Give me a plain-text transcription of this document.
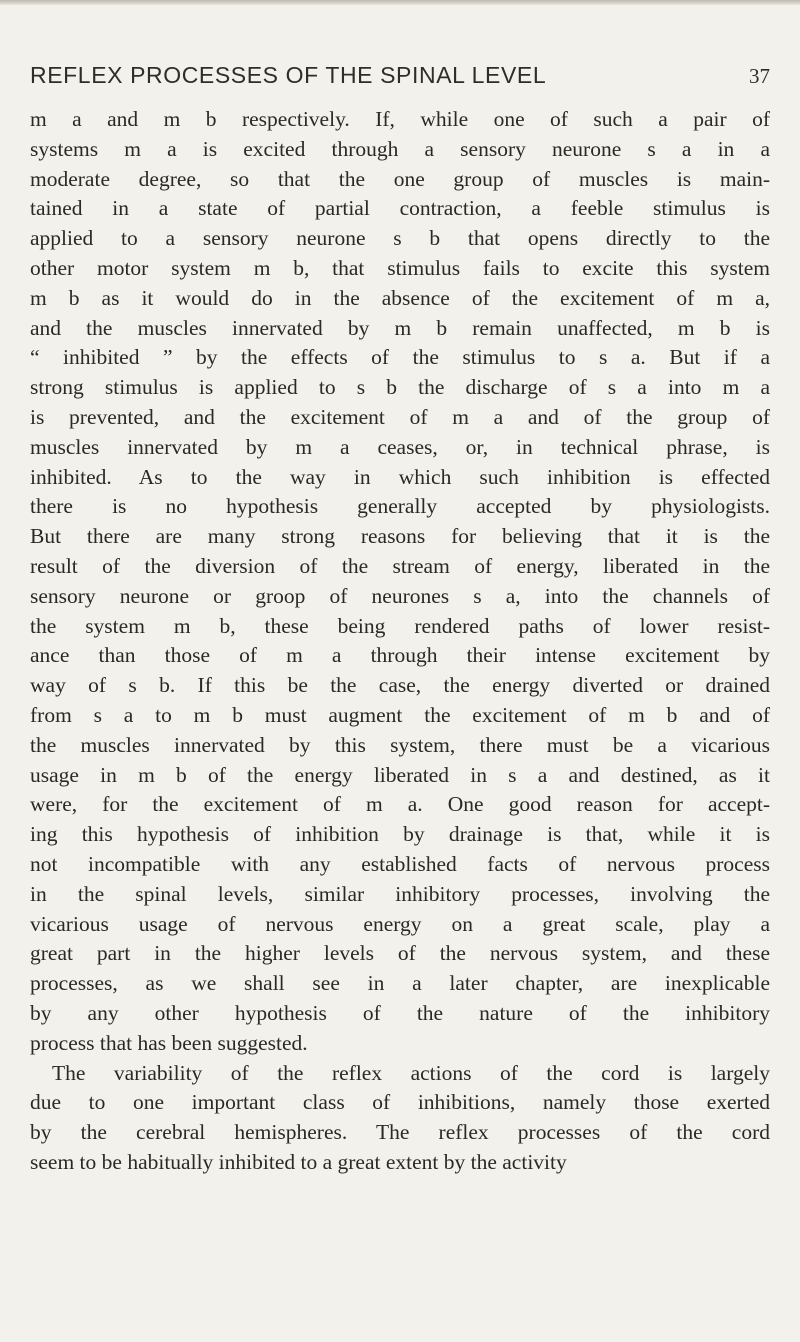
REFLEX PROCESSES OF THE SPINAL LEVEL	37
m a and m b respectively. If, while one of such a pair of
systems m a is excited through a sensory neurone s a in a
moderate degree, so that the one group of muscles is main-
tained in a state of partial contraction, a feeble stimulus is
applied to a sensory neurone s b that opens directly to the
other motor system m b, that stimulus fails to excite this system
m b as it would do in the absence of the excitement of m a,
and the muscles innervated by m b remain unaffected, m b is
“ inhibited ” by the effects of the stimulus to s a. But if a
strong stimulus is applied to s b the discharge of s a into m a
is prevented, and the excitement of m a and of the group of
muscles innervated by m a ceases, or, in technical phrase, is
inhibited. As to the way in which such inhibition is effected
there is no hypothesis generally accepted by physiologists.
But there are many strong reasons for believing that it is the
result of the diversion of the stream of energy, liberated in the
sensory neurone or groop of neurones s a, into the channels of
the system m b, these being rendered paths of lower resist-
ance than those of m a through their intense excitement by
way of s b. If this be the case, the energy diverted or drained
from s a to m b must augment the excitement of m b and of
the muscles innervated by this system, there must be a vicarious
usage in m b of the energy liberated in s a and destined, as it
were, for the excitement of m a. One good reason for accept-
ing this hypothesis of inhibition by drainage is that, while it is
not incompatible with any established facts of nervous process
in the spinal levels, similar inhibitory processes, involving the
vicarious usage of nervous energy on a great scale, play a
great part in the higher levels of the nervous system, and these
processes, as we shall see in a later chapter, are inexplicable
by any other hypothesis of the nature of the inhibitory
process that has been suggested.
The variability of the reflex actions of the cord is largely
due to one important class of inhibitions, namely those exerted
by the cerebral hemispheres. The reflex processes of the cord
seem to be habitually inhibited to a great extent by the activity
